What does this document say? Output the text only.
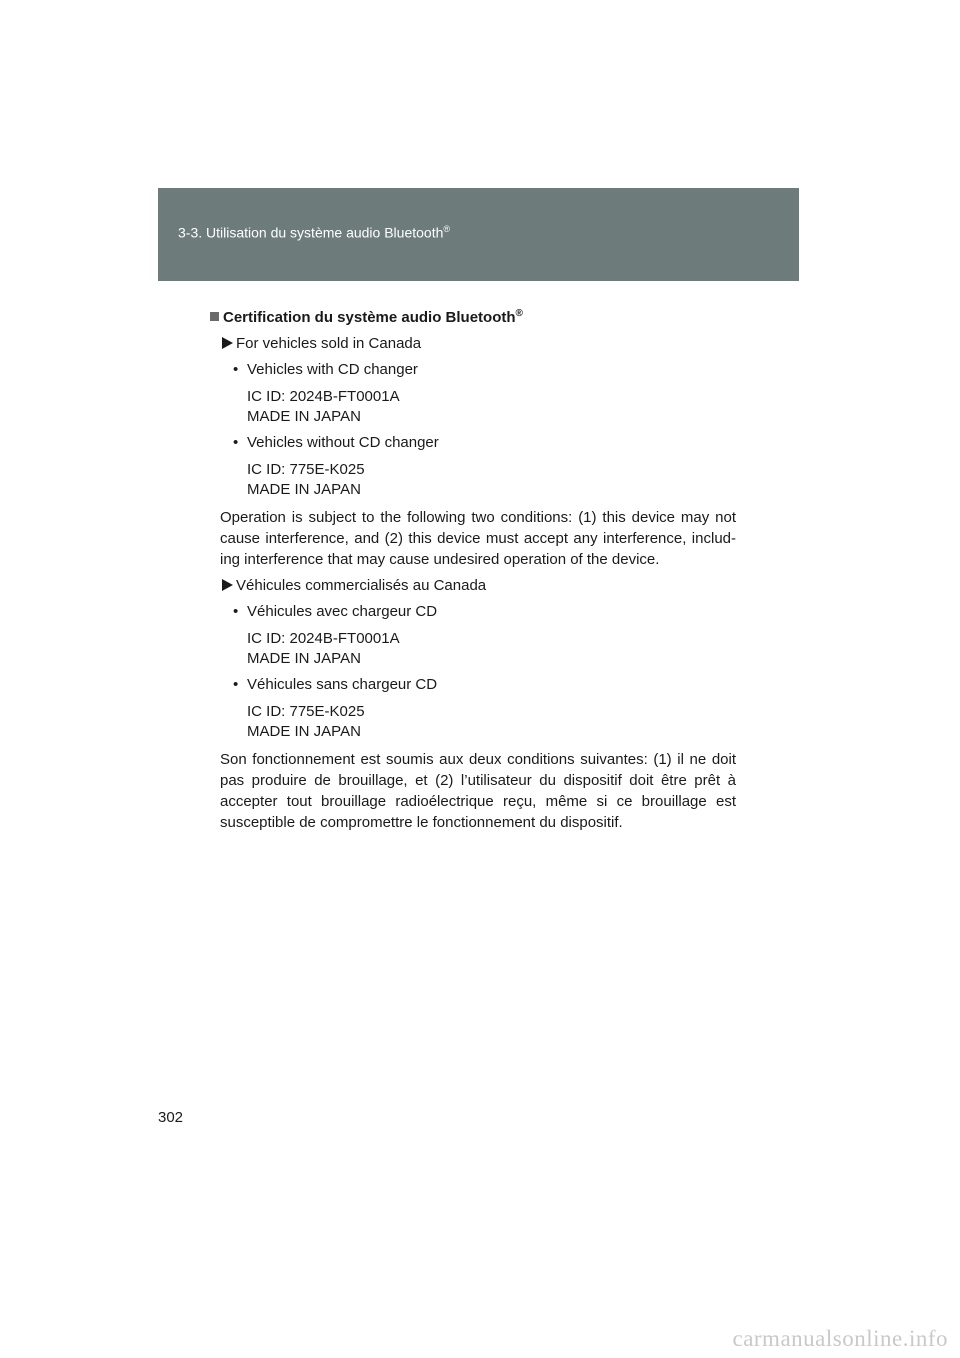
3-3. Utilisation du système audio Bluetooth®
Certification du système audio Bluetooth®
For vehicles sold in Canada
• Vehicles with CD changer
IC ID: 2024B-FT0001A
MADE IN JAPAN
• Vehicles without CD changer
IC ID: 775E-K025
MADE IN JAPAN
Operation is subject to the following two conditions: (1) this device may not cause interference, and (2) this device must accept any interference, includ- ing interference that may cause undesired operation of the device.
Véhicules commercialisés au Canada
• Véhicules avec chargeur CD
IC ID: 2024B-FT0001A
MADE IN JAPAN
• Véhicules sans chargeur CD
IC ID: 775E-K025
MADE IN JAPAN
Son fonctionnement est soumis aux deux conditions suivantes: (1) il ne doit pas produire de brouillage, et (2) l’utilisateur du dispositif doit être prêt à accepter tout brouillage radioélectrique reçu, même si ce brouillage est susceptible de compromettre le fonctionnement du dispositif.
302
carmanualsonline.info
